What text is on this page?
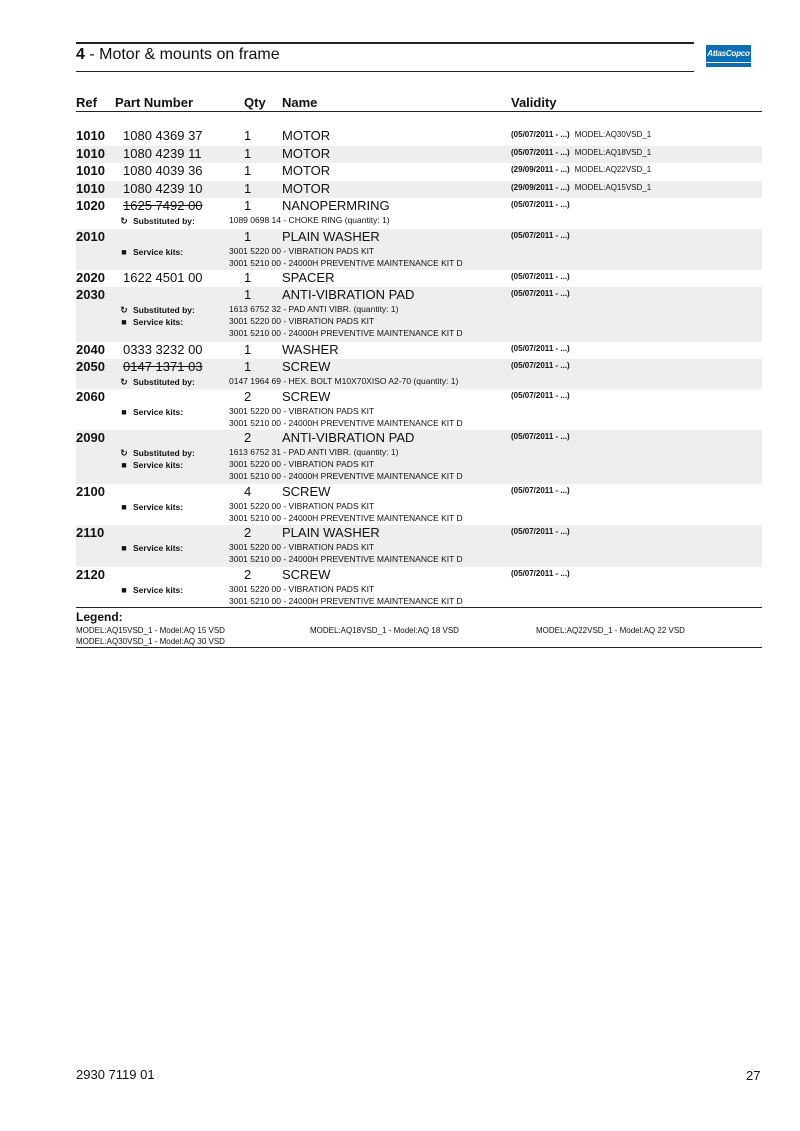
4 - Motor & mounts on frame	AtlasCopco
Ref Part Number	Qty Name	Validity
1010 1080 4369 37	1 MOTOR	(05/07/2011 - ...) MODEL:AQ30VSD_1
1010 1080 4239 11	1 MOTOR	(05/07/2011 - ...) MODEL:AQ18VSD_1
1010 1080 4039 36	1 MOTOR	(29/09/2011 - ...) MODEL:AQ22VSD_1
1010 1080 4239 10	1 MOTOR	(29/09/2011 - ...) MODEL:AQ15VSD_1
1020 1625 7492 00	1 NANOPERMRING	(05/07/2011 - ...)
↻ Substituted by:	1089 0698 14 - CHOKE RING (quantity: 1)
2010	1 PLAIN WASHER	(05/07/2011 - ...)
■ Service kits:	3001 5220 00 - VIBRATION PADS KIT
3001 5210 00 - 24000H PREVENTIVE MAINTENANCE KIT D
2020 1622 4501 00	1 SPACER	(05/07/2011 - ...)
2030	1 ANTI-VIBRATION PAD	(05/07/2011 - ...)
↻ Substituted by:	1613 6752 32 - PAD ANTI VIBR. (quantity: 1)
■ Service kits:	3001 5220 00 - VIBRATION PADS KIT
3001 5210 00 - 24000H PREVENTIVE MAINTENANCE KIT D
2040 0333 3232 00	1 WASHER	(05/07/2011 - ...)
2050 0147 1371 03	1 SCREW	(05/07/2011 - ...)
↻ Substituted by:	0147 1964 69 - HEX. BOLT M10X70XISO A2-70 (quantity: 1)
2060	2 SCREW	(05/07/2011 - ...)
■ Service kits:	3001 5220 00 - VIBRATION PADS KIT
3001 5210 00 - 24000H PREVENTIVE MAINTENANCE KIT D
2090	2 ANTI-VIBRATION PAD	(05/07/2011 - ...)
↻ Substituted by:	1613 6752 31 - PAD ANTI VIBR. (quantity: 1)
■ Service kits:	3001 5220 00 - VIBRATION PADS KIT
3001 5210 00 - 24000H PREVENTIVE MAINTENANCE KIT D
2100	4 SCREW	(05/07/2011 - ...)
■ Service kits:	3001 5220 00 - VIBRATION PADS KIT
3001 5210 00 - 24000H PREVENTIVE MAINTENANCE KIT D
2110	2 PLAIN WASHER	(05/07/2011 - ...)
■ Service kits:	3001 5220 00 - VIBRATION PADS KIT
3001 5210 00 - 24000H PREVENTIVE MAINTENANCE KIT D
2120	2 SCREW	(05/07/2011 - ...)
■ Service kits:	3001 5220 00 - VIBRATION PADS KIT
3001 5210 00 - 24000H PREVENTIVE MAINTENANCE KIT D
Legend:
MODEL:AQ15VSD_1 - Model:AQ 15 VSD	MODEL:AQ18VSD_1 - Model:AQ 18 VSD	MODEL:AQ22VSD_1 - Model:AQ 22 VSD
MODEL:AQ30VSD_1 - Model:AQ 30 VSD
2930 7119 01	27
